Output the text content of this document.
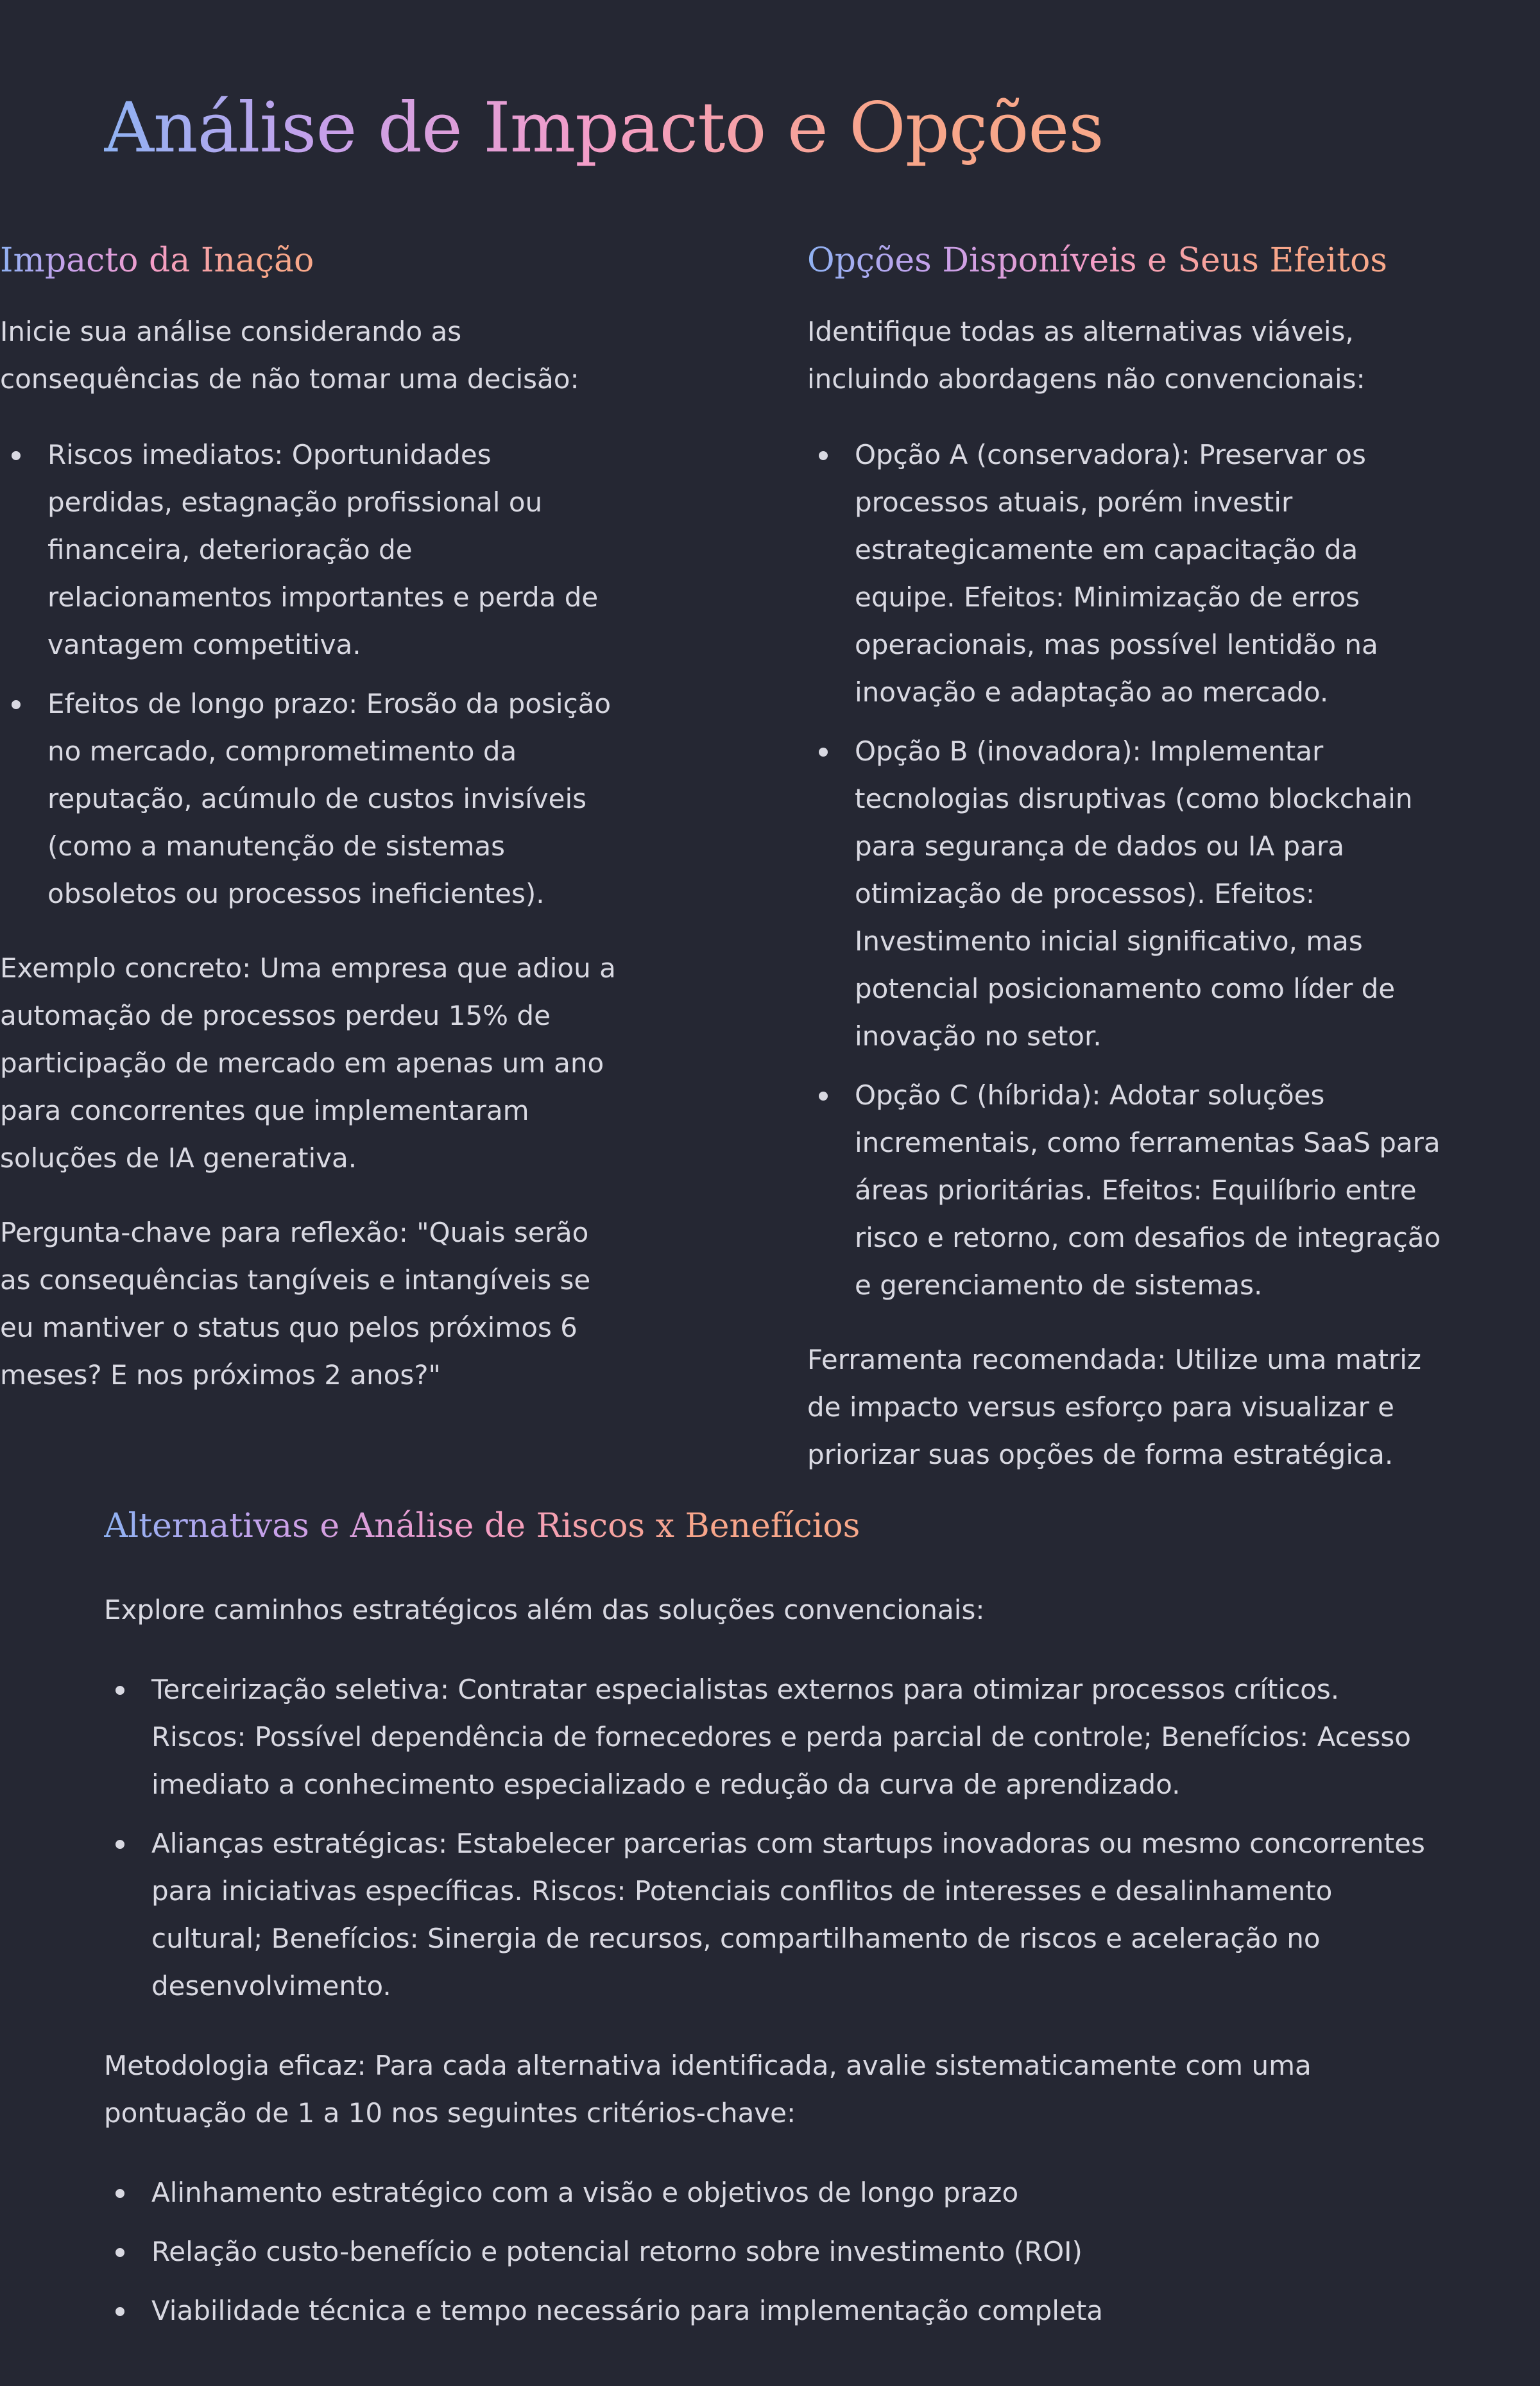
Análise de Impacto e Opções
Impacto da Inação

Inicie sua análise considerando as consequências de não tomar uma decisão:

Riscos imediatos: Oportunidades perdidas, estagnação profissional ou financeira, deterioração de relacionamentos importantes e perda de vantagem competitiva.
Efeitos de longo prazo: Erosão da posição no mercado, comprometimento da reputação, acúmulo de custos invisíveis (como a manutenção de sistemas obsoletos ou processos ineficientes).

Exemplo concreto: Uma empresa que adiou a automação de processos perdeu 15% de participação de mercado em apenas um ano para concorrentes que implementaram soluções de IA generativa.

Pergunta-chave para reflexão: "Quais serão as consequências tangíveis e intangíveis se eu mantiver o status quo pelos próximos 6 meses? E nos próximos 2 anos?"

Opções Disponíveis e Seus Efeitos

Identifique todas as alternativas viáveis, incluindo abordagens não convencionais:

Opção A (conservadora): Preservar os processos atuais, porém investir estrategicamente em capacitação da equipe. Efeitos: Minimização de erros operacionais, mas possível lentidão na inovação e adaptação ao mercado.
Opção B (inovadora): Implementar tecnologias disruptivas (como blockchain para segurança de dados ou IA para otimização de processos). Efeitos: Investimento inicial significativo, mas potencial posicionamento como líder de inovação no setor.
Opção C (híbrida): Adotar soluções incrementais, como ferramentas SaaS para áreas prioritárias. Efeitos: Equilíbrio entre risco e retorno, com desafios de integração e gerenciamento de sistemas.

Ferramenta recomendada: Utilize uma matriz de impacto versus esforço para visualizar e priorizar suas opções de forma estratégica.

Alternativas e Análise de Riscos x Benefícios

Explore caminhos estratégicos além das soluções convencionais:

Terceirização seletiva: Contratar especialistas externos para otimizar processos críticos. Riscos: Possível dependência de fornecedores e perda parcial de controle; Benefícios: Acesso imediato a conhecimento especializado e redução da curva de aprendizado.
Alianças estratégicas: Estabelecer parcerias com startups inovadoras ou mesmo concorrentes para iniciativas específicas. Riscos: Potenciais conflitos de interesses e desalinhamento cultural; Benefícios: Sinergia de recursos, compartilhamento de riscos e aceleração no desenvolvimento.

Metodologia eficaz: Para cada alternativa identificada, avalie sistematicamente com uma pontuação de 1 a 10 nos seguintes critérios-chave:

Alinhamento estratégico com a visão e objetivos de longo prazo
Relação custo-benefício e potencial retorno sobre investimento (ROI)
Viabilidade técnica e tempo necessário para implementação completa
